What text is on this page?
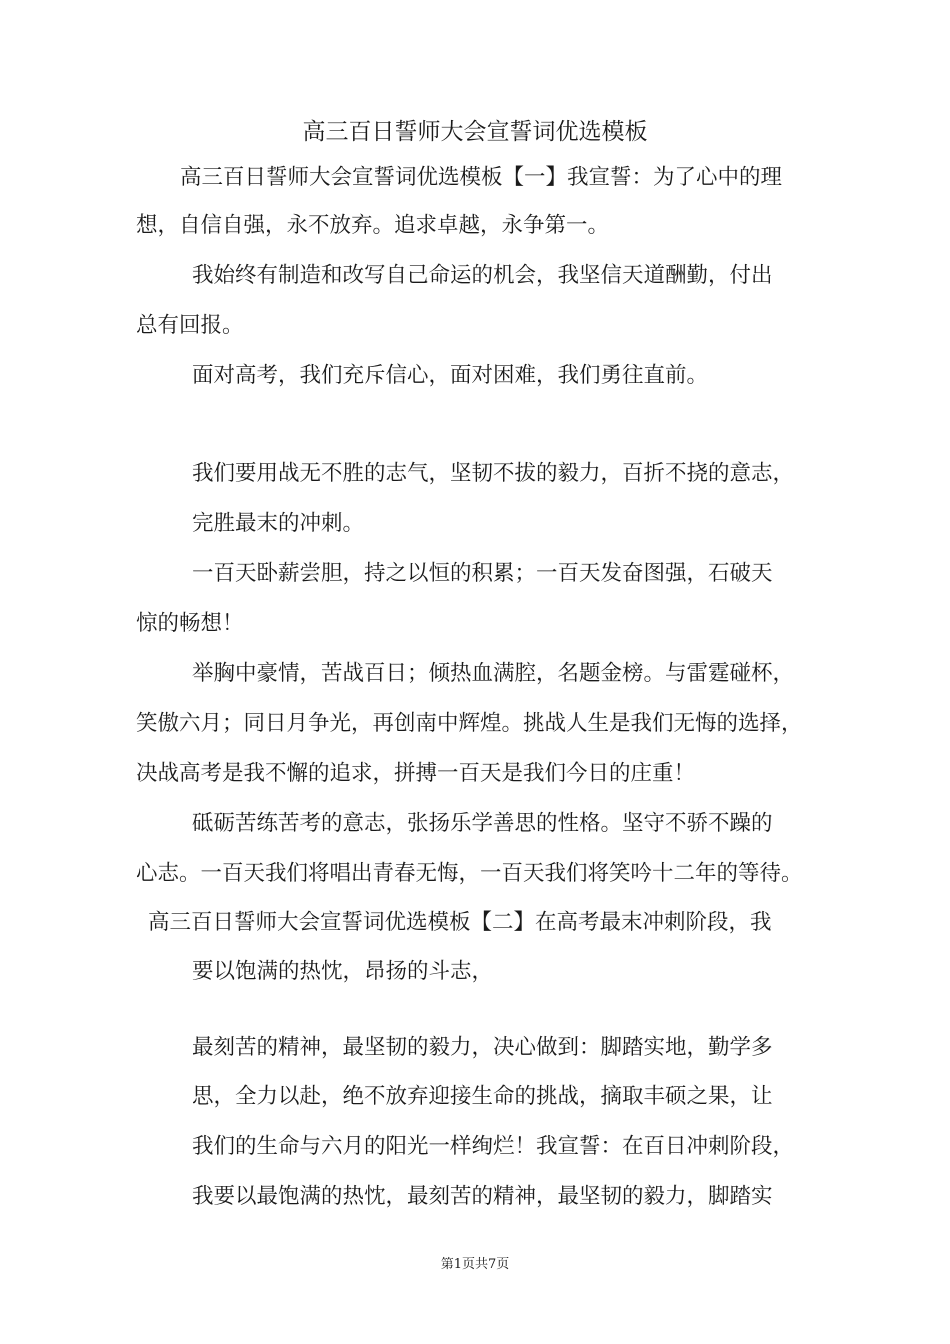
高三百日誓师大会宣誓词优选模板
高三百日誓师大会宣誓词优选模板【一】我宣誓：为了心中的理
想，自信自强，永不放弃。追求卓越，永争第一。
我始终有制造和改写自己命运的机会，我坚信天道酬勤，付出
总有回报。
面对高考，我们充斥信心，面对困难，我们勇往直前。
我们要用战无不胜的志气，坚韧不拔的毅力，百折不挠的意志，
完胜最末的冲刺。
一百天卧薪尝胆，持之以恒的积累；一百天发奋图强，石破天
惊的畅想！
举胸中豪情，苦战百日；倾热血满腔，名题金榜。与雷霆碰杯，
笑傲六月；同日月争光，再创南中辉煌。挑战人生是我们无悔的选择，
决战高考是我不懈的追求，拼搏一百天是我们今日的庄重！
砥砺苦练苦考的意志，张扬乐学善思的性格。坚守不骄不躁的
心志。一百天我们将唱出青春无悔，一百天我们将笑吟十二年的等待。
高三百日誓师大会宣誓词优选模板【二】在高考最末冲刺阶段，我
要以饱满的热忱，昂扬的斗志，
最刻苦的精神，最坚韧的毅力，决心做到：脚踏实地，勤学多
思，全力以赴，绝不放弃迎接生命的挑战，摘取丰硕之果，让
我们的生命与六月的阳光一样绚烂！我宣誓：在百日冲刺阶段，
我要以最饱满的热忱，最刻苦的精神，最坚韧的毅力，脚踏实
第1页共7页
